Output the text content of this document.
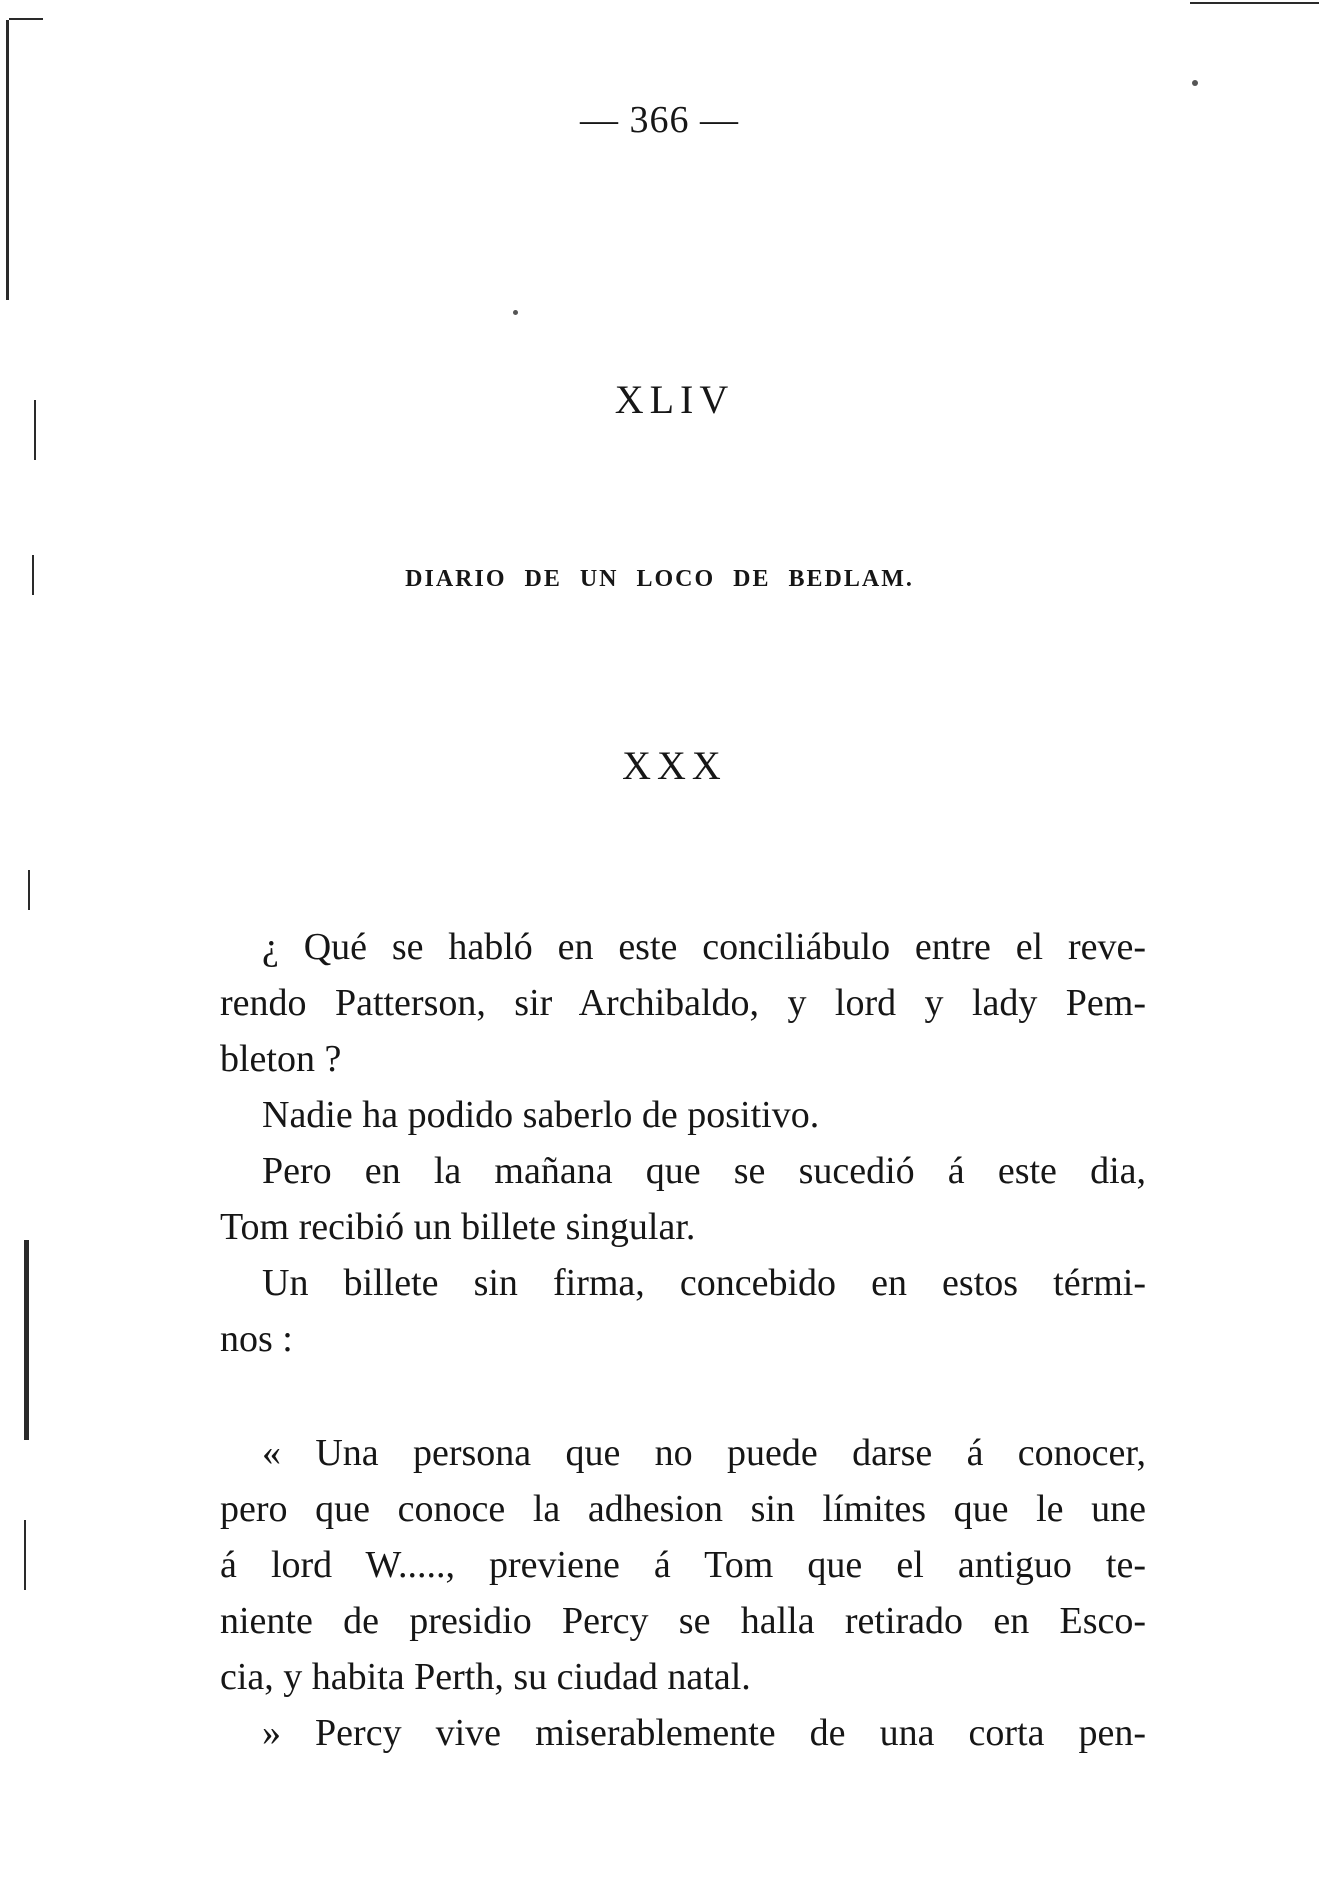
— 366 —
XLIV
DIARIO DE UN LOCO DE BEDLAM.
XXX
¿ Qué se habló en este conciliábulo entre el reve-
rendo Patterson, sir Archibaldo, y lord y lady Pem-
bleton ?
Nadie ha podido saberlo de positivo.
Pero en la mañana que se sucedió á este dia,
Tom recibió un billete singular.
Un billete sin firma, concebido en estos térmi-
nos :
« Una persona que no puede darse á conocer,
pero que conoce la adhesion sin límites que le une
á lord W....., previene á Tom que el antiguo te-
niente de presidio Percy se halla retirado en Esco-
cia, y habita Perth, su ciudad natal.
» Percy vive miserablemente de una corta pen-
